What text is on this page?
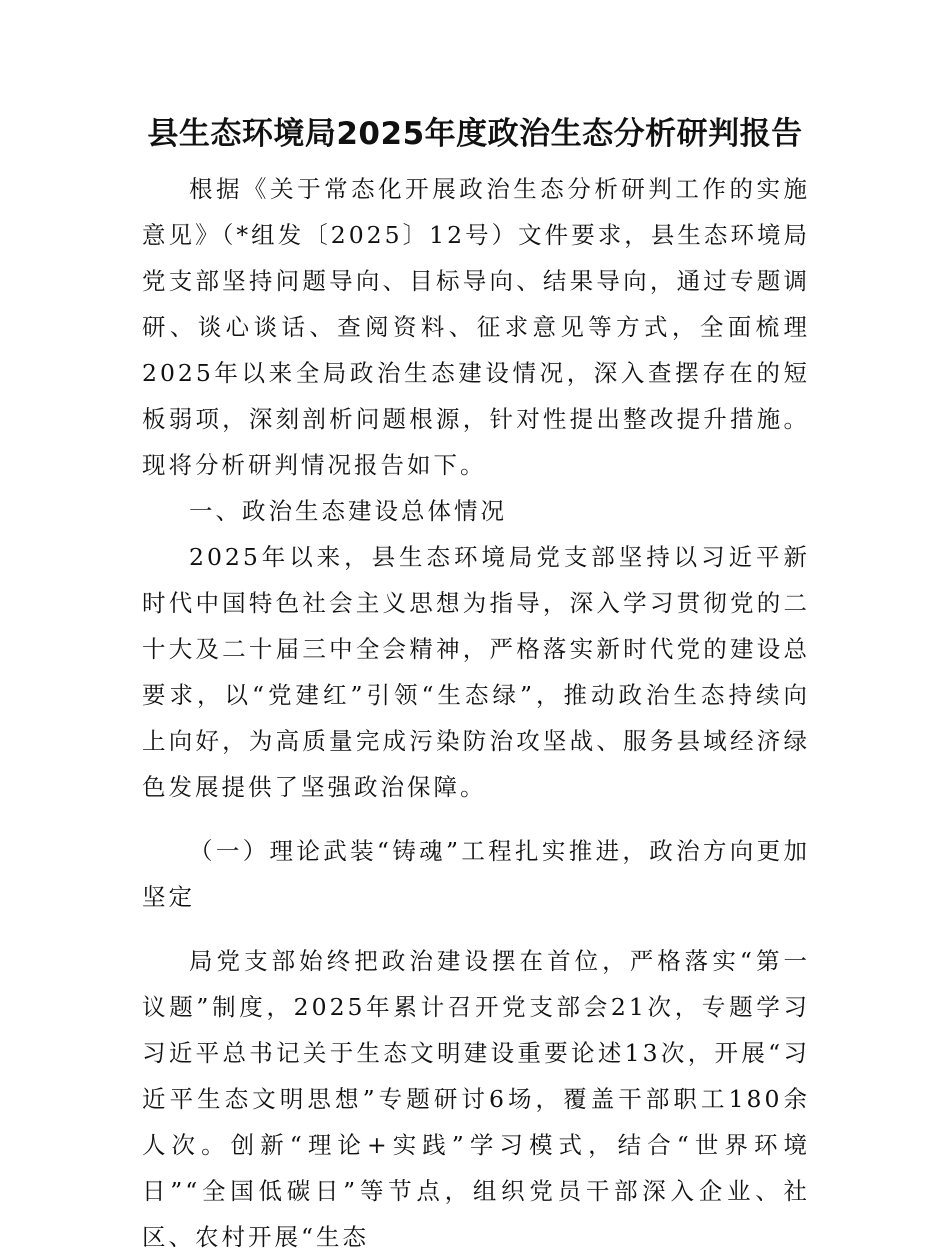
县生态环境局2025年度政治生态分析研判报告

根据《关于常态化开展政治生态分析研判工作的实施意见》（*组发〔2025〕12号）文件要求，县生态环境局党支部坚持问题导向、目标导向、结果导向，通过专题调研、谈心谈话、查阅资料、征求意见等方式，全面梳理2025年以来全局政治生态建设情况，深入查摆存在的短板弱项，深刻剖析问题根源，针对性提出整改提升措施。现将分析研判情况报告如下。

一、政治生态建设总体情况

2025年以来，县生态环境局党支部坚持以习近平新时代中国特色社会主义思想为指导，深入学习贯彻党的二十大及二十届三中全会精神，严格落实新时代党的建设总要求，以“党建红”引领“生态绿”，推动政治生态持续向上向好，为高质量完成污染防治攻坚战、服务县域经济绿色发展提供了坚强政治保障。

（一）理论武装“铸魂”工程扎实推进，政治方向更加坚定

局党支部始终把政治建设摆在首位，严格落实“第一议题”制度，2025年累计召开党支部会21次，专题学习习近平总书记关于生态文明建设重要论述13次，开展“习近平生态文明思想”专题研讨6场，覆盖干部职工180余人次。创新“理论+实践”学习模式，结合“世界环境日”“全国低碳日”等节点，组织党员干部深入企业、社区、农村开展“生态
